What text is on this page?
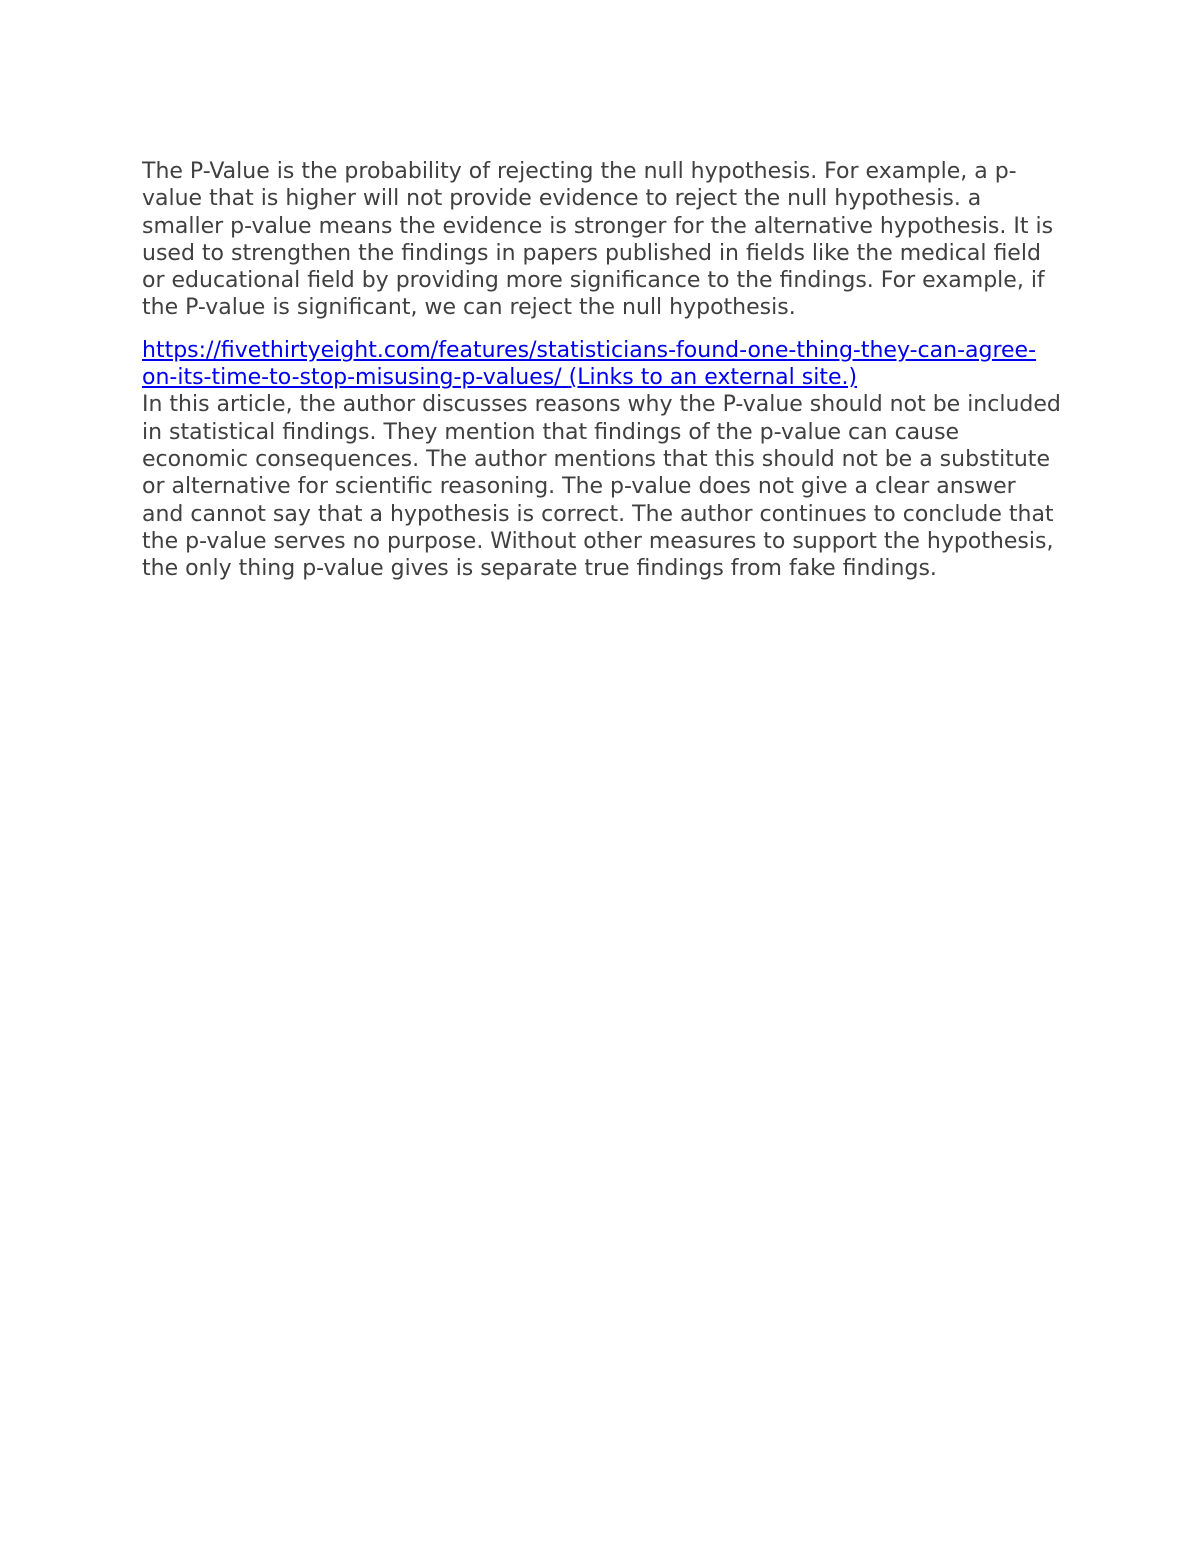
The P-Value is the probability of rejecting the null hypothesis. For example, a p-value that is higher will not provide evidence to reject the null hypothesis. a smaller p-value means the evidence is stronger for the alternative hypothesis. It is used to strengthen the findings in papers published in fields like the medical field or educational field by providing more significance to the findings. For example, if the P-value is significant, we can reject the null hypothesis.

https://fivethirtyeight.com/features/statisticians-found-one-thing-they-can-agree-on-its-time-to-stop-misusing-p-values/ (Links to an external site.)

In this article, the author discusses reasons why the P-value should not be included in statistical findings. They mention that findings of the p-value can cause economic consequences. The author mentions that this should not be a substitute or alternative for scientific reasoning. The p-value does not give a clear answer and cannot say that a hypothesis is correct. The author continues to conclude that the p-value serves no purpose. Without other measures to support the hypothesis, the only thing p-value gives is separate true findings from fake findings.
